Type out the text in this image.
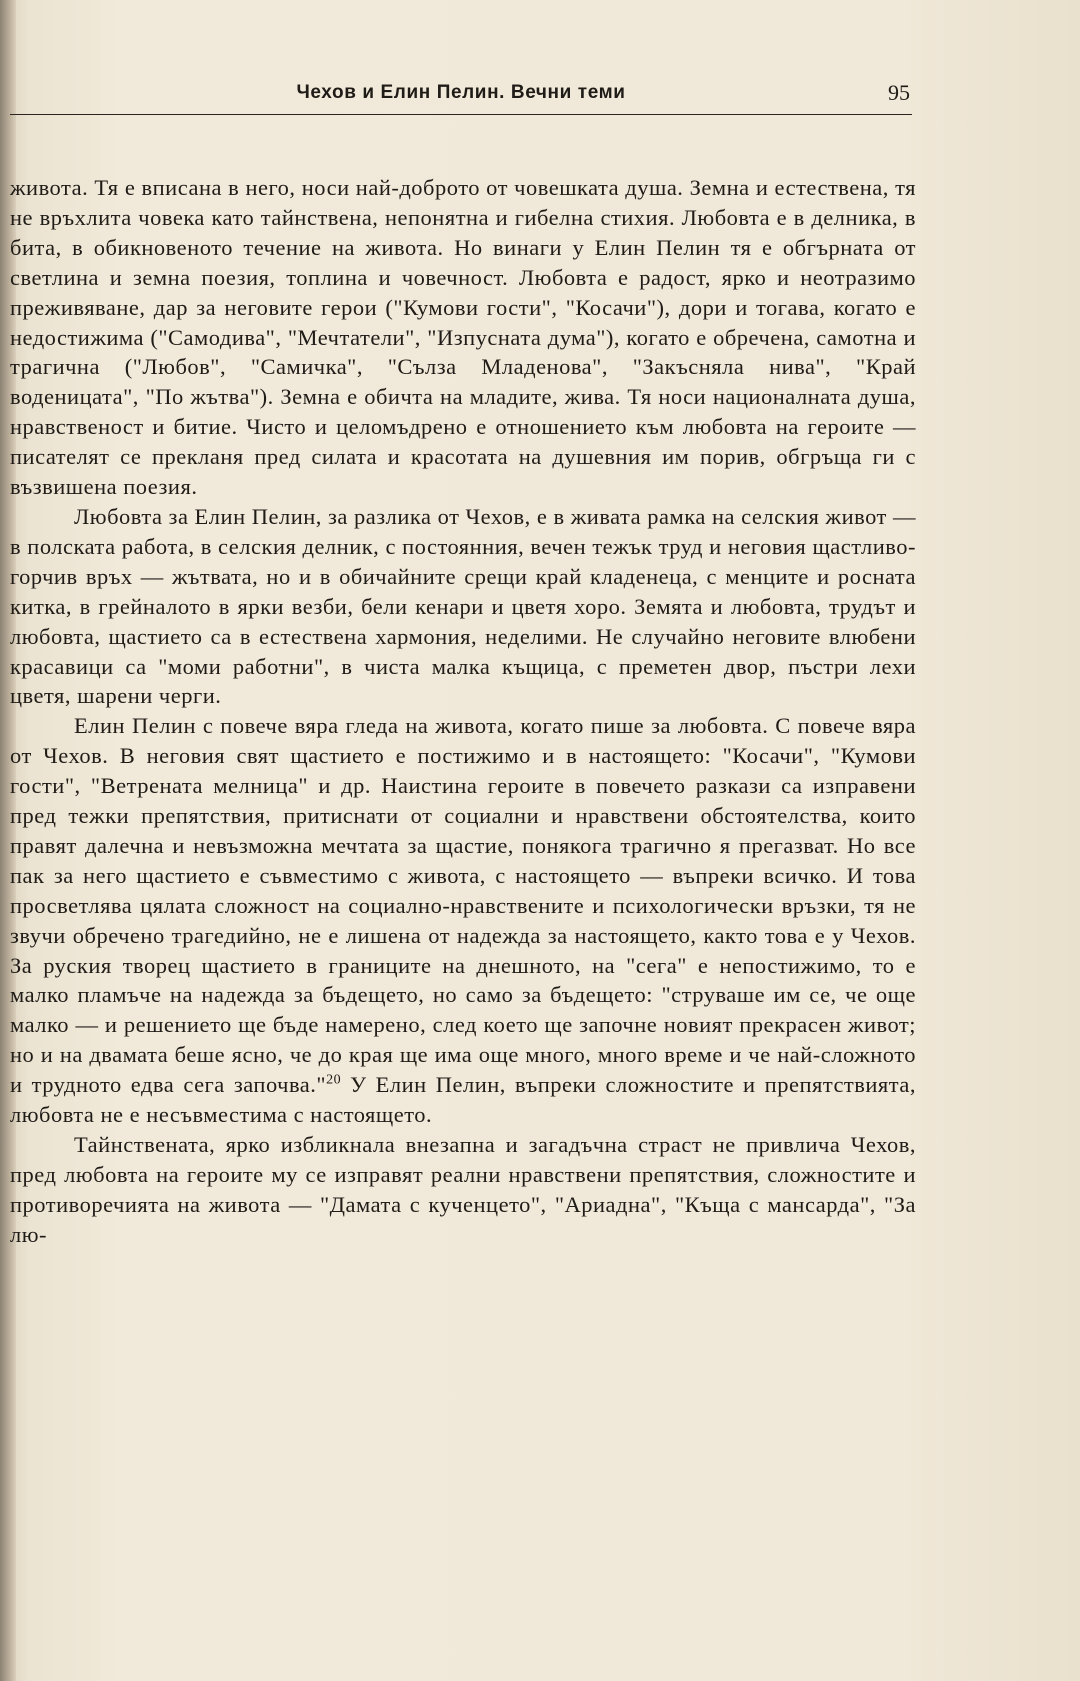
Чехов и Елин Пелин. Вечни теми	95

живота. Тя е вписана в него, носи най-доброто от човешката душа. Земна и естествена, тя не връхлита човека като тайнствена, непонятна и гибелна стихия. Любовта е в делника, в бита, в обикновеното течение на живота. Но винаги у Елин Пелин тя е обгърната от светлина и земна поезия, топлина и човечност. Любовта е радост, ярко и неотразимо преживяване, дар за неговите герои ("Кумови гости", "Косачи"), дори и тогава, когато е недостижима ("Самодива", "Мечтатели", "Изпусната дума"), когато е обречена, самотна и трагична ("Любов", "Самичка", "Сълза Младенова", "Закъсняла нива", "Край воденицата", "По жътва"). Земна е обичта на младите, жива. Тя носи националната душа, нравственост и битие. Чисто и целомъдрено е отношението към любовта на героите — писателят се прекланя пред силата и красотата на душевния им порив, обгръща ги с възвишена поезия.

Любовта за Елин Пелин, за разлика от Чехов, е в живата рамка на селския живот — в полската работа, в селския делник, с постоянния, вечен тежък труд и неговия щастливо-горчив връх — жътвата, но и в обичайните срещи край кладенеца, с менците и росната китка, в грейналото в ярки везби, бели кенари и цветя хоро. Земята и любовта, трудът и любовта, щастието са в естествена хармония, неделими. Не случайно неговите влюбени красавици са "моми работни", в чиста малка къщица, с преметен двор, пъстри лехи цветя, шарени черги.

Елин Пелин с повече вяра гледа на живота, когато пише за любовта. С повече вяра от Чехов. В неговия свят щастието е постижимо и в настоящето: "Косачи", "Кумови гости", "Ветрената мелница" и др. Наистина героите в повечето разкази са изправени пред тежки препятствия, притиснати от социални и нравствени обстоятелства, които правят далечна и невъзможна мечтата за щастие, понякога трагично я прегазват. Но все пак за него щастието е съвместимо с живота, с настоящето — въпреки всичко. И това просветлява цялата сложност на социално-нравствените и психологически връзки, тя не звучи обречено трагедийно, не е лишена от надежда за настоящето, както това е у Чехов. За руския творец щастието в границите на днешното, на "сега" е непостижимо, то е малко пламъче на надежда за бъдещето, но само за бъдещето: "струваше им се, че още малко — и решението ще бъде намерено, след което ще започне новият прекрасен живот; но и на двамата беше ясно, че до края ще има още много, много време и че най-сложното и трудното едва сега започва."$^{20}$ У Елин Пелин, въпреки сложностите и препятствията, любовта не е несъвместима с настоящето.

Тайнствената, ярко избликнала внезапна и загадъчна страст не привлича Чехов, пред любовта на героите му се изправят реални нравствени препятствия, сложностите и противоречията на живота — "Дамата с кученцето", "Ариадна", "Къща с мансарда", "За лю-
